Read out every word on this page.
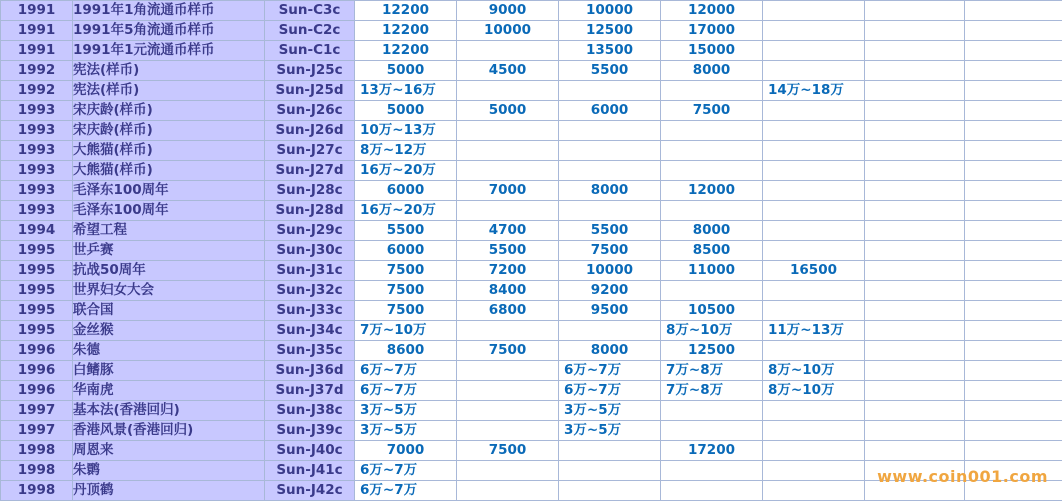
1991	1991年1角流通币样币	Sun-C3c	12200	9000	10000	12000			
1991	1991年5角流通币样币	Sun-C2c	12200	10000	12500	17000			
1991	1991年1元流通币样币	Sun-C1c	12200		13500	15000			
1992	宪法(样币)	Sun-J25c	5000	4500	5500	8000			
1992	宪法(样币)	Sun-J25d	13万~16万				14万~18万		
1993	宋庆龄(样币)	Sun-J26c	5000	5000	6000	7500			
1993	宋庆龄(样币)	Sun-J26d	10万~13万						
1993	大熊猫(样币)	Sun-J27c	8万~12万						
1993	大熊猫(样币)	Sun-J27d	16万~20万						
1993	毛泽东100周年	Sun-J28c	6000	7000	8000	12000			
1993	毛泽东100周年	Sun-J28d	16万~20万						
1994	希望工程	Sun-J29c	5500	4700	5500	8000			
1995	世乒赛	Sun-J30c	6000	5500	7500	8500			
1995	抗战50周年	Sun-J31c	7500	7200	10000	11000	16500		
1995	世界妇女大会	Sun-J32c	7500	8400	9200				
1995	联合国	Sun-J33c	7500	6800	9500	10500			
1995	金丝猴	Sun-J34c	7万~10万			8万~10万	11万~13万		
1996	朱德	Sun-J35c	8600	7500	8000	12500			
1996	白鳍豚	Sun-J36d	6万~7万		6万~7万	7万~8万	8万~10万		
1996	华南虎	Sun-J37d	6万~7万		6万~7万	7万~8万	8万~10万		
1997	基本法(香港回归)	Sun-J38c	3万~5万		3万~5万				
1997	香港风景(香港回归)	Sun-J39c	3万~5万		3万~5万				
1998	周恩来	Sun-J40c	7000	7500		17200			
1998	朱鹮	Sun-J41c	6万~7万						
1998	丹顶鹤	Sun-J42c	6万~7万						
www.coin001.com
